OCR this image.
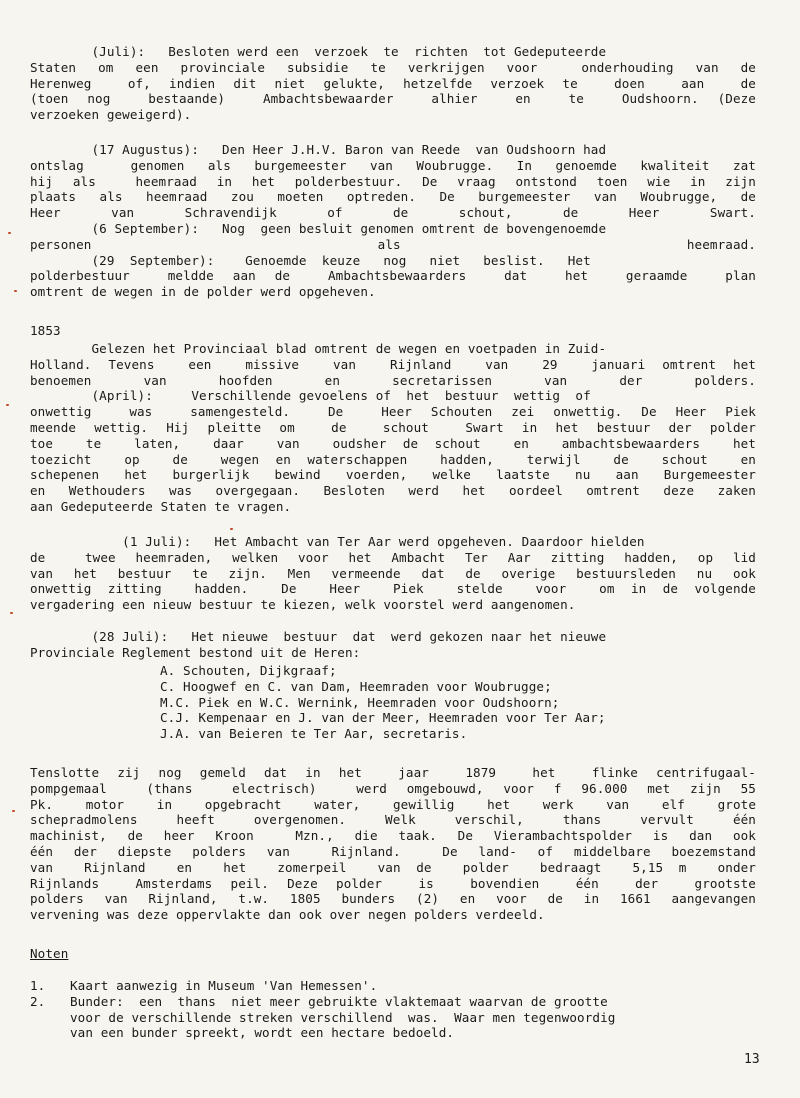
(Juli):   Besloten werd een  verzoek  te  richten  tot Gedeputeerde
Staten om een provinciale subsidie te verkrijgen voor  onderhouding van de
Herenweg  of, indien dit niet gelukte, hetzelfde verzoek te  doen  aan  de
(toen nog  bestaande)  Ambachtsbewaarder  alhier  en  te  Oudshoorn. (Deze
verzoeken geweigerd).
(17 Augustus):   Den Heer J.H.V. Baron van Reede  van Oudshoorn had
ontslag  genomen als burgemeester van Woubrugge. In genoemde kwaliteit zat
hij als  heemraad in het polderbestuur. De vraag ontstond toen wie in zijn
plaats als heemraad zou moeten optreden. De burgemeester van Woubrugge, de
Heer van Schravendijk of de schout, de Heer Swart.
(6 September):   Nog  geen besluit genomen omtrent de bovengenoemde
personen als heemraad.
(29  September):    Genoemde  keuze   nog   niet   beslist.   Het
polderbestuur  meldde aan de  Ambachtsbewaarders  dat  het  geraamde  plan
omtrent de wegen in de polder werd opgeheven.
1853
Gelezen het Provinciaal blad omtrent de wegen en voetpaden in Zuid-
Holland. Tevens  een  missive  van  Rijnland  van  29  januari omtrent het
benoemen van hoofden en secretarissen van der polders.
(April):     Verschillende gevoelens of  het  bestuur  wettig  of
onwettig  was  samengesteld.  De  Heer Schouten zei onwettig. De Heer Piek
meende wettig. Hij pleitte om  de  schout  Swart in het bestuur der polder
toe  te  laten,  daar  van  oudsher de schout  en  ambachtsbewaarders  het
toezicht  op  de  wegen en waterschappen  hadden,  terwijl  de  schout  en
schepenen het burgerlijk bewind voerden, welke laatste nu aan Burgemeester
en Wethouders was overgegaan. Besloten werd het oordeel omtrent deze zaken
aan Gedeputeerde Staten te vragen.
(1 Juli):   Het Ambacht van Ter Aar werd opgeheven. Daardoor hielden
de  twee heemraden, welken voor het Ambacht Ter Aar zitting hadden, op lid
van het bestuur te zijn. Men vermeende dat de overige bestuursleden nu ook
onwettig zitting  hadden.  De  Heer  Piek  stelde  voor  om in de volgende
vergadering een nieuw bestuur te kiezen, welk voorstel werd aangenomen.
(28 Juli):   Het nieuwe  bestuur  dat  werd gekozen naar het nieuwe
Provinciale Reglement bestond uit de Heren:
A. Schouten, Dijkgraaf;
C. Hoogwef en C. van Dam, Heemraden voor Woubrugge;
M.C. Piek en W.C. Wernink, Heemraden voor Oudshoorn;
C.J. Kempenaar en J. van der Meer, Heemraden voor Ter Aar;
J.A. van Beieren te Ter Aar, secretaris.
Tenslotte zij nog gemeld dat in het  jaar  1879  het  flinke centrifugaal-
pompgemaal  (thans  electrisch)  werd omgebouwd, voor f 96.000 met zijn 55
Pk.  motor  in  opgebracht  water,  gewillig  het  werk  van  elf  grote
schepradmolens  heeft  overgenomen.  Welk  verschil,  thans  vervult  één
machinist, de heer Kroon  Mzn., die taak. De Vierambachtspolder is dan ook
één der diepste polders van  Rijnland.  De land- of middelbare boezemstand
van  Rijnland  en  het  zomerpeil  van de  polder  bedraagt  5,15 m  onder
Rijnlands  Amsterdams peil. Deze polder  is  bovendien  één  der  grootste
polders van Rijnland, t.w. 1805 bunders (2) en voor de in 1661 aangevangen
vervening was deze oppervlakte dan ook over negen polders verdeeld.
Noten
1. Kaart aanwezig in Museum 'Van Hemessen'.
2. Bunder:  een  thans  niet meer gebruikte vlaktemaat waarvan de grootte
voor de verschillende streken verschillend  was.  Waar men tegenwoordig
van een bunder spreekt, wordt een hectare bedoeld.
13
